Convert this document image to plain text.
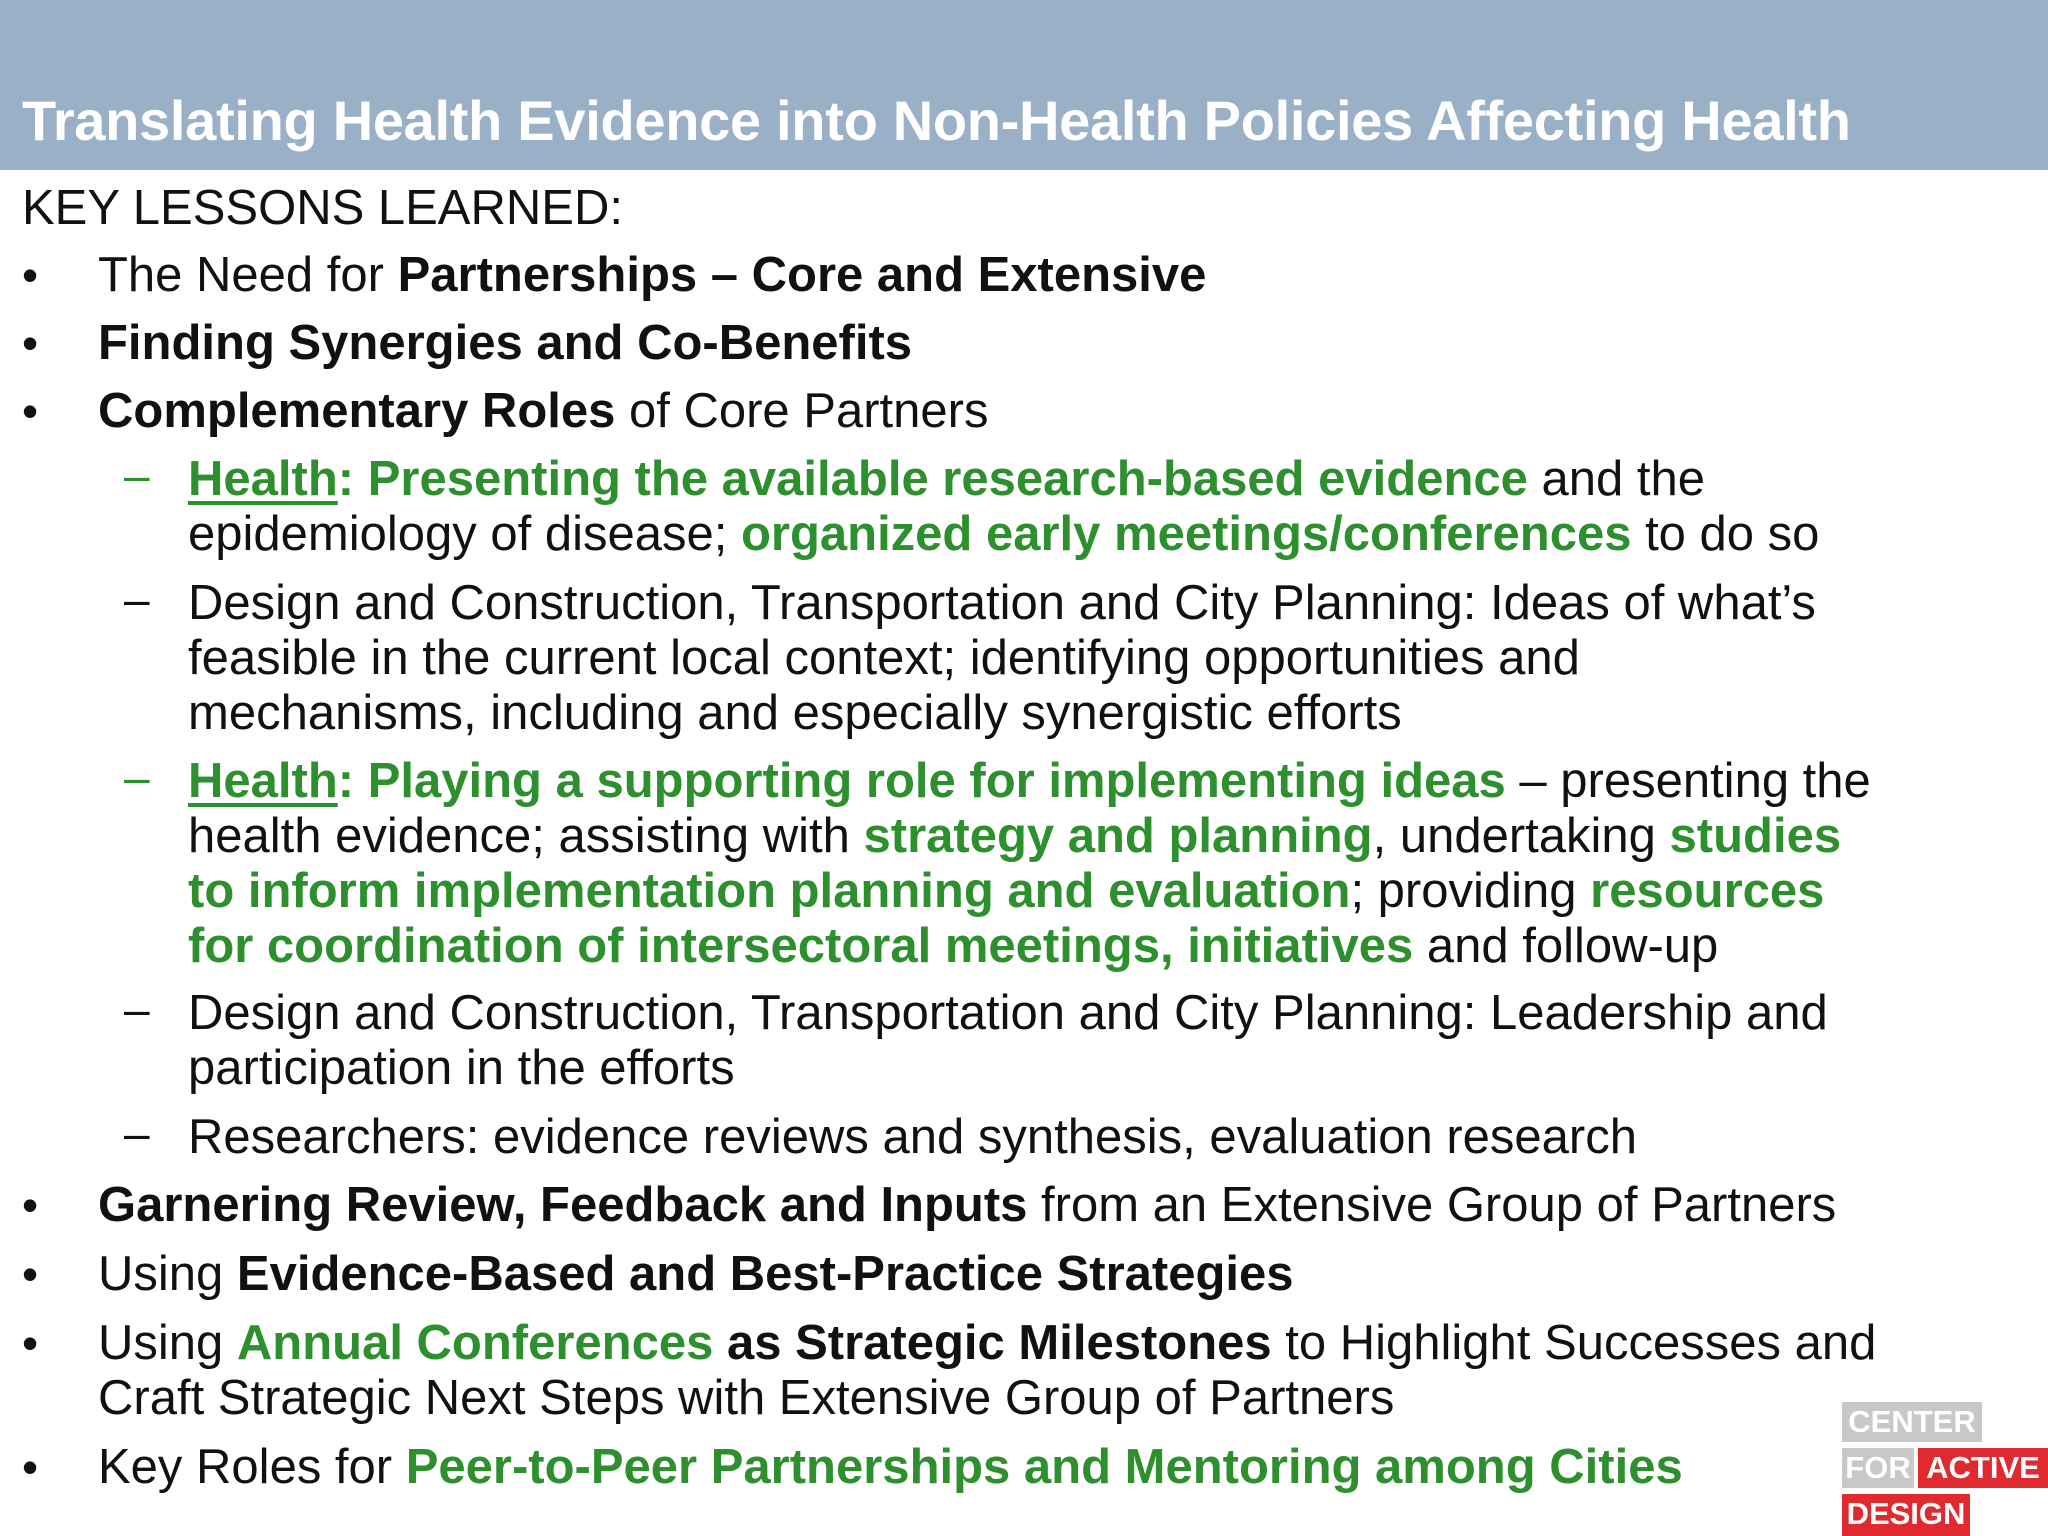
Translating Health Evidence into Non-Health Policies Affecting Health
KEY LESSONS LEARNED:
• The Need for Partnerships – Core and Extensive
• Finding Synergies and Co-Benefits
• Complementary Roles of Core Partners
– Health: Presenting the available research-based evidence and the
epidemiology of disease; organized early meetings/conferences to do so
– Design and Construction, Transportation and City Planning: Ideas of what’s
feasible in the current local context; identifying opportunities and
mechanisms, including and especially synergistic efforts
– Health: Playing a supporting role for implementing ideas – presenting the
health evidence; assisting with strategy and planning, undertaking studies
to inform implementation planning and evaluation; providing resources
for coordination of intersectoral meetings, initiatives and follow-up
– Design and Construction, Transportation and City Planning: Leadership and
participation in the efforts
– Researchers: evidence reviews and synthesis, evaluation research
• Garnering Review, Feedback and Inputs from an Extensive Group of Partners
• Using Evidence-Based and Best-Practice Strategies
• Using Annual Conferences as Strategic Milestones to Highlight Successes and
Craft Strategic Next Steps with Extensive Group of Partners
• Key Roles for Peer-to-Peer Partnerships and Mentoring among Cities
CENTER
FOR ACTIVE
DESIGN
